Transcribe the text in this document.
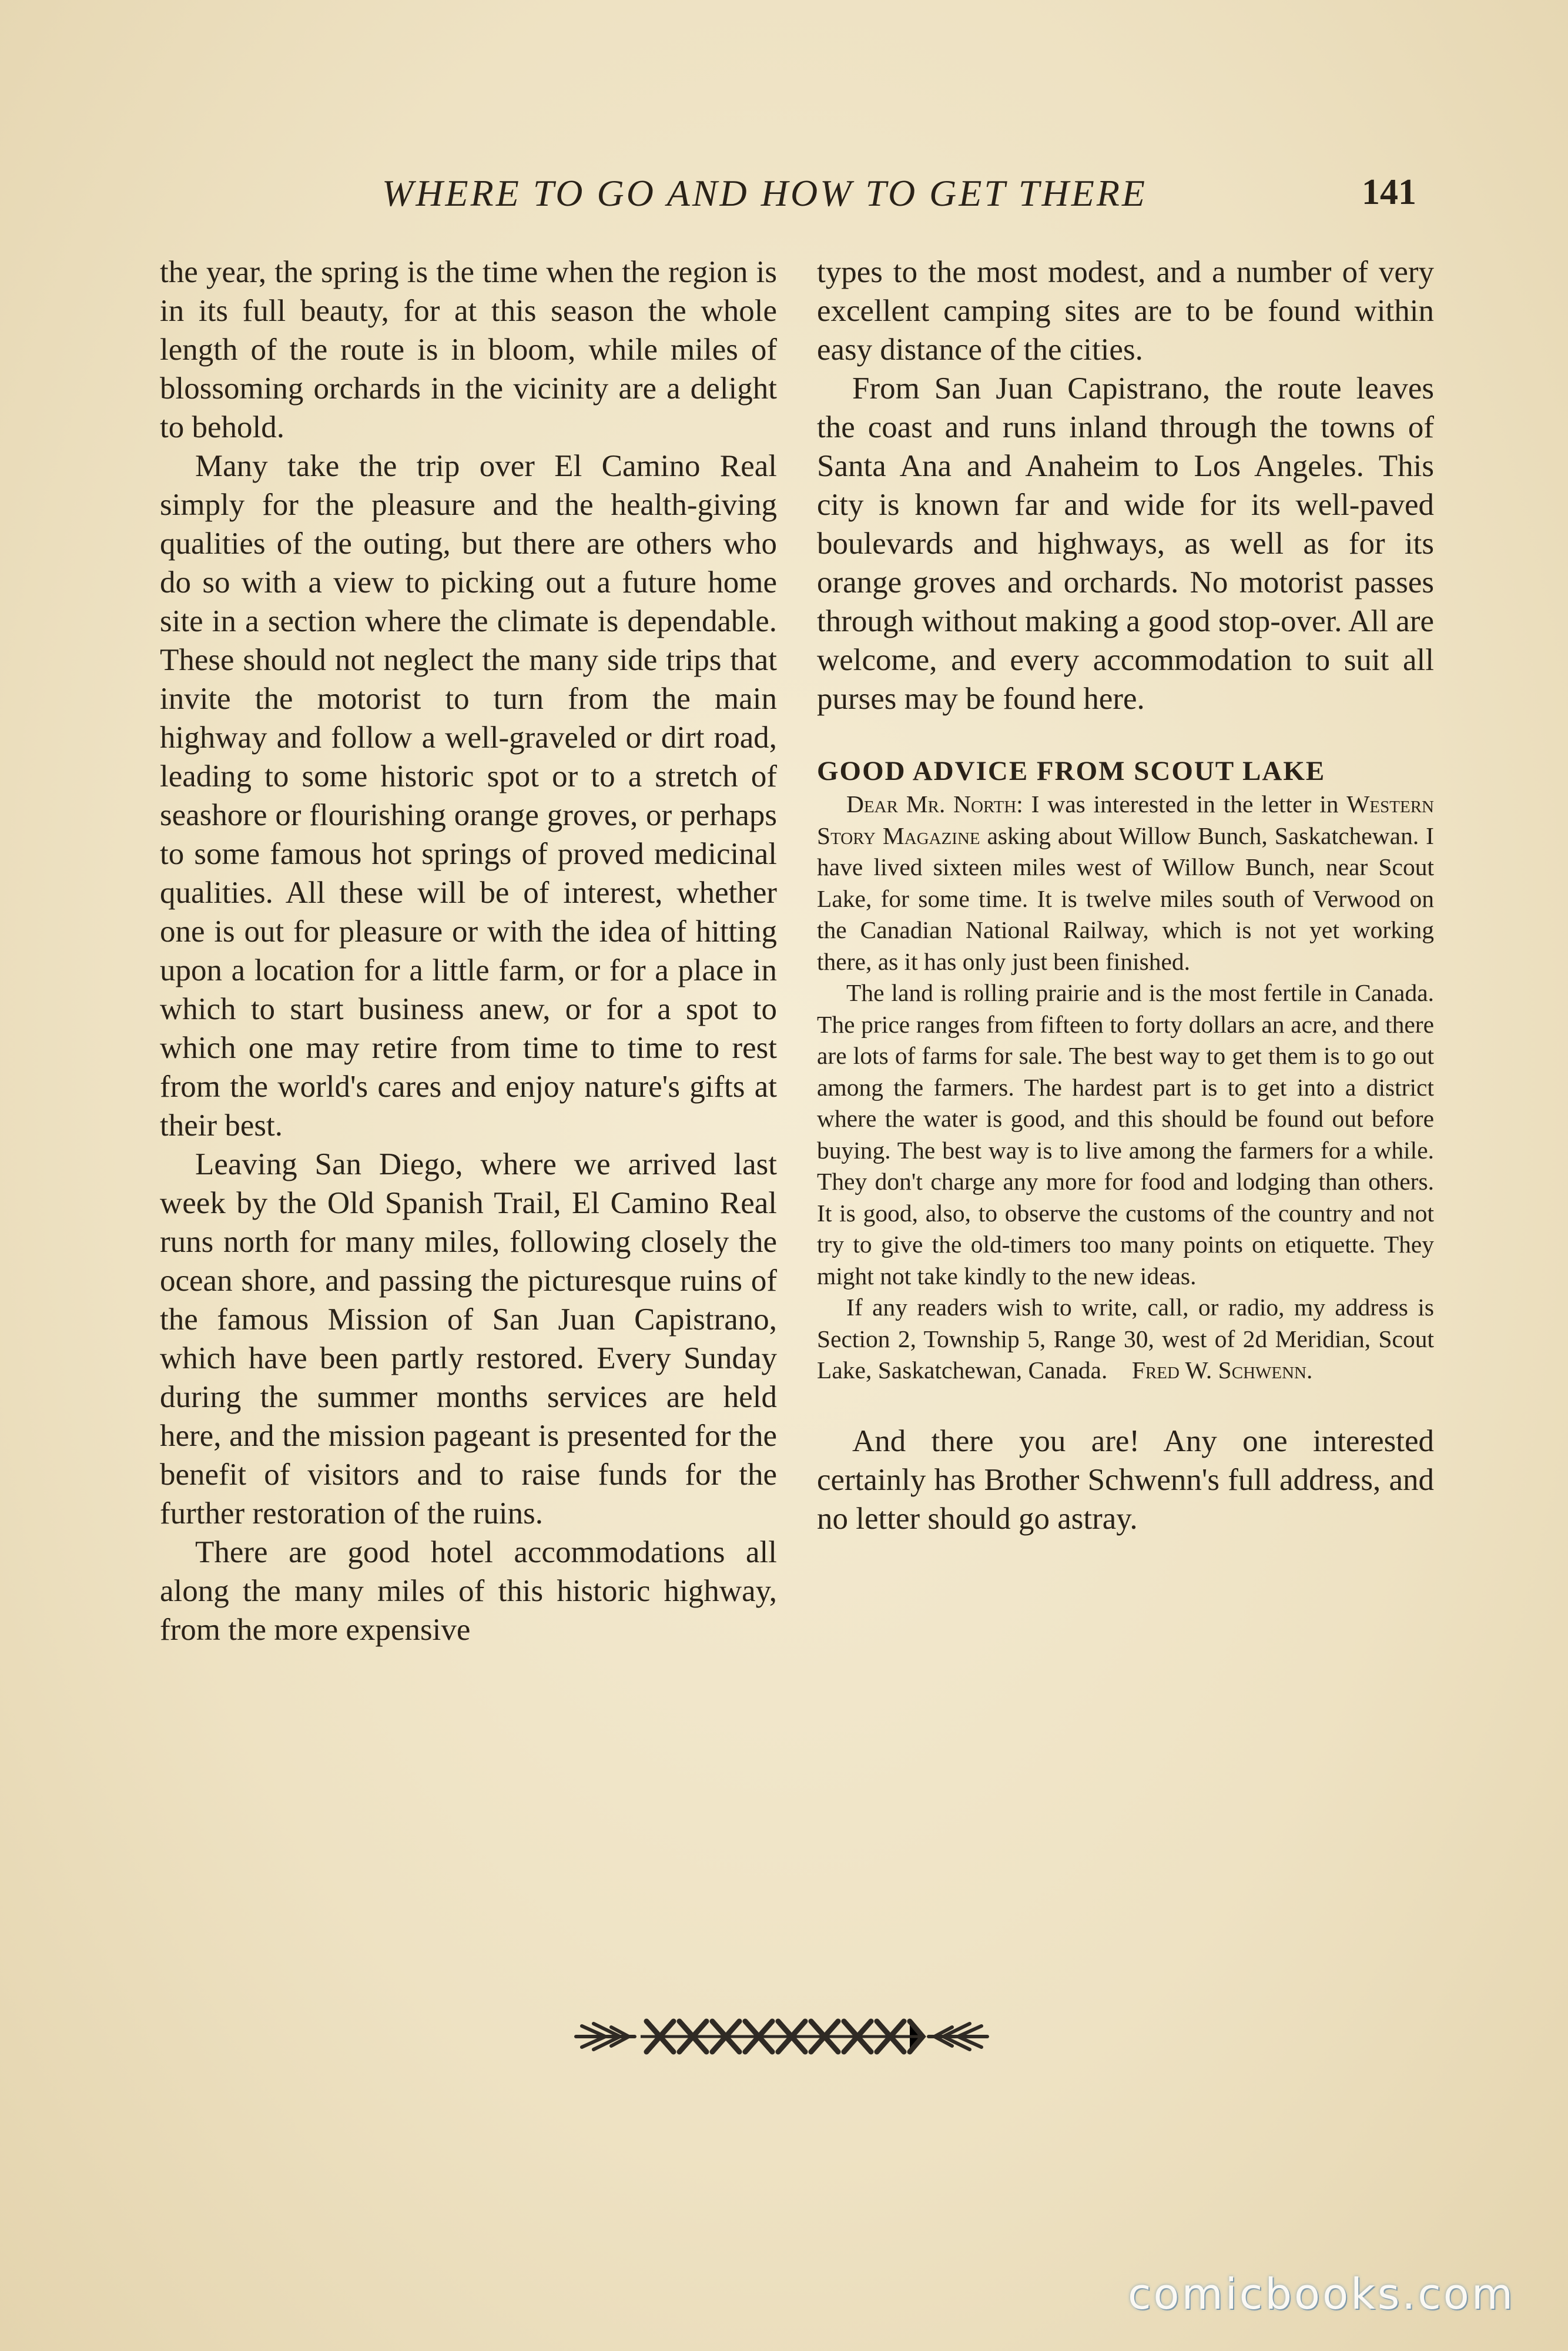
WHERE TO GO AND HOW TO GET THERE	141

the year, the spring is the time when the region is in its full beauty, for at this season the whole length of the route is in bloom, while miles of blossoming orchards in the vicinity are a delight to behold.

Many take the trip over El Camino Real simply for the pleasure and the health-giving qualities of the outing, but there are others who do so with a view to picking out a future home site in a section where the climate is dependable. These should not neglect the many side trips that invite the motorist to turn from the main highway and follow a well-graveled or dirt road, leading to some historic spot or to a stretch of seashore or flourishing orange groves, or perhaps to some famous hot springs of proved medicinal qualities. All these will be of interest, whether one is out for pleasure or with the idea of hitting upon a location for a little farm, or for a place in which to start business anew, or for a spot to which one may retire from time to time to rest from the world's cares and enjoy nature's gifts at their best.

Leaving San Diego, where we arrived last week by the Old Spanish Trail, El Camino Real runs north for many miles, following closely the ocean shore, and passing the picturesque ruins of the famous Mission of San Juan Capistrano, which have been partly restored. Every Sunday during the summer months services are held here, and the mission pageant is presented for the benefit of visitors and to raise funds for the further restoration of the ruins.

There are good hotel accommodations all along the many miles of this historic highway, from the more expensive

types to the most modest, and a number of very excellent camping sites are to be found within easy distance of the cities.

From San Juan Capistrano, the route leaves the coast and runs inland through the towns of Santa Ana and Anaheim to Los Angeles. This city is known far and wide for its well-paved boulevards and highways, as well as for its orange groves and orchards. No motorist passes through without making a good stop-over. All are welcome, and every accommodation to suit all purses may be found here.

GOOD ADVICE FROM SCOUT LAKE

Dear Mr. North: I was interested in the letter in Western Story Magazine asking about Willow Bunch, Saskatchewan. I have lived sixteen miles west of Willow Bunch, near Scout Lake, for some time. It is twelve miles south of Verwood on the Canadian National Railway, which is not yet working there, as it has only just been finished.

The land is rolling prairie and is the most fertile in Canada. The price ranges from fifteen to forty dollars an acre, and there are lots of farms for sale. The best way to get them is to go out among the farmers. The hardest part is to get into a district where the water is good, and this should be found out before buying. The best way is to live among the farmers for a while. They don't charge any more for food and lodging than others. It is good, also, to observe the customs of the country and not try to give the old-timers too many points on etiquette. They might not take kindly to the new ideas.

If any readers wish to write, call, or radio, my address is Section 2, Township 5, Range 30, west of 2d Meridian, Scout Lake, Saskatchewan, Canada. Fred W. Schwenn.

And there you are! Any one interested certainly has Brother Schwenn's full address, and no letter should go astray.

comicbooks.com
